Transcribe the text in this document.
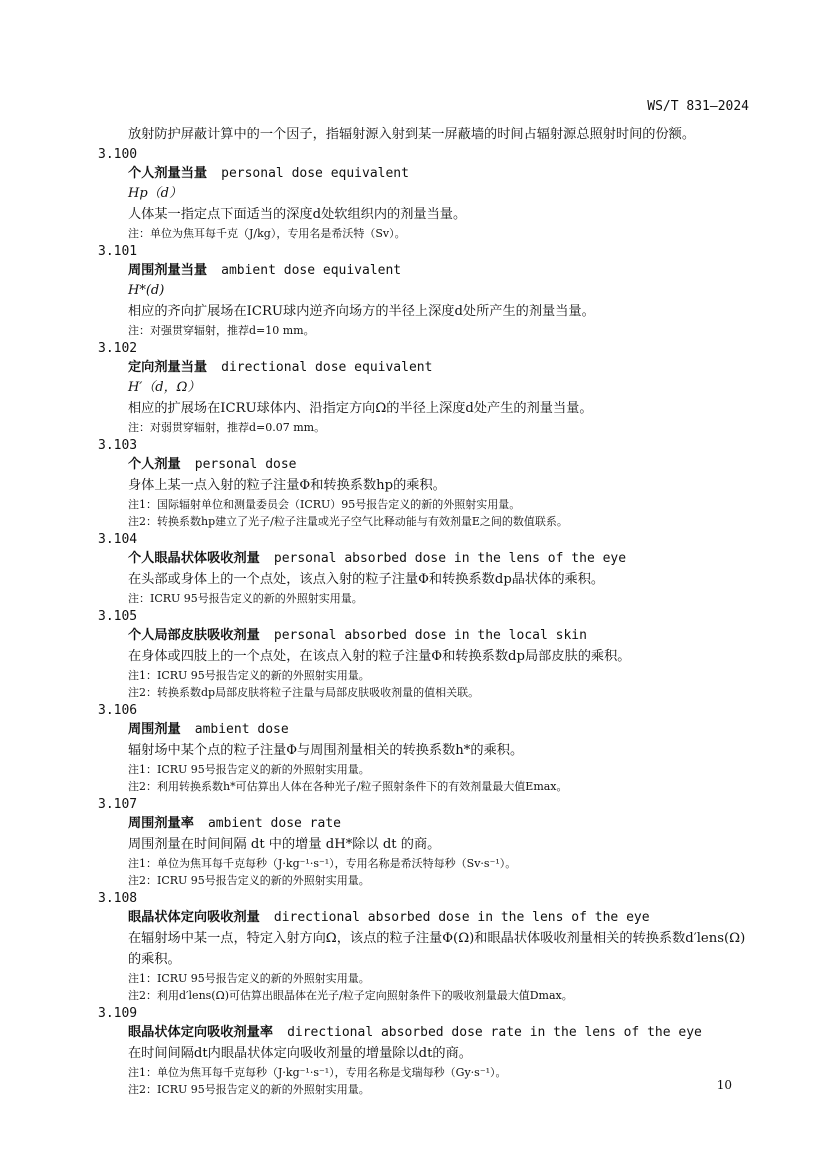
WS/T 831—2024

放射防护屏蔽计算中的一个因子，指辐射源入射到某一屏蔽墙的时间占辐射源总照射时间的份额。

3.100

个人剂量当量 personal dose equivalent

Hp（d）

人体某一指定点下面适当的深度d处软组织内的剂量当量。

注：单位为焦耳每千克（J/kg），专用名是希沃特（Sv）。

3.101

周围剂量当量 ambient dose equivalent

H*(d)

相应的齐向扩展场在ICRU球内逆齐向场方的半径上深度d处所产生的剂量当量。

注：对强贯穿辐射，推荐d=10 mm。

3.102

定向剂量当量 directional dose equivalent

H′（d，Ω）

相应的扩展场在ICRU球体内、沿指定方向Ω的半径上深度d处产生的剂量当量。

注：对弱贯穿辐射，推荐d=0.07 mm。

3.103

个人剂量 personal dose

身体上某一点入射的粒子注量Φ和转换系数hp的乘积。

注1：国际辐射单位和测量委员会（ICRU）95号报告定义的新的外照射实用量。

注2：转换系数hp建立了光子/粒子注量或光子空气比释动能与有效剂量E之间的数值联系。

3.104

个人眼晶状体吸收剂量 personal absorbed dose in the lens of the eye

在头部或身体上的一个点处，该点入射的粒子注量Φ和转换系数dp晶状体的乘积。

注：ICRU 95号报告定义的新的外照射实用量。

3.105

个人局部皮肤吸收剂量 personal absorbed dose in the local skin

在身体或四肢上的一个点处，在该点入射的粒子注量Φ和转换系数dp局部皮肤的乘积。

注1：ICRU 95号报告定义的新的外照射实用量。

注2：转换系数dp局部皮肤将粒子注量与局部皮肤吸收剂量的值相关联。

3.106

周围剂量 ambient dose

辐射场中某个点的粒子注量Φ与周围剂量相关的转换系数h*的乘积。

注1：ICRU 95号报告定义的新的外照射实用量。

注2：利用转换系数h*可估算出人体在各种光子/粒子照射条件下的有效剂量最大值Emax。

3.107

周围剂量率 ambient dose rate

周围剂量在时间间隔 dt 中的增量 dH*除以 dt 的商。

注1：单位为焦耳每千克每秒（J·kg⁻¹·s⁻¹），专用名称是希沃特每秒（Sv·s⁻¹）。

注2：ICRU 95号报告定义的新的外照射实用量。

3.108

眼晶状体定向吸收剂量 directional absorbed dose in the lens of the eye

在辐射场中某一点，特定入射方向Ω，该点的粒子注量Φ(Ω)和眼晶状体吸收剂量相关的转换系数d′lens(Ω)的乘积。

注1：ICRU 95号报告定义的新的外照射实用量。

注2：利用d′lens(Ω)可估算出眼晶体在光子/粒子定向照射条件下的吸收剂量最大值Dmax。

3.109

眼晶状体定向吸收剂量率 directional absorbed dose rate in the lens of the eye

在时间间隔dt内眼晶状体定向吸收剂量的增量除以dt的商。

注1：单位为焦耳每千克每秒（J·kg⁻¹·s⁻¹），专用名称是戈瑞每秒（Gy·s⁻¹）。

注2：ICRU 95号报告定义的新的外照射实用量。	10
